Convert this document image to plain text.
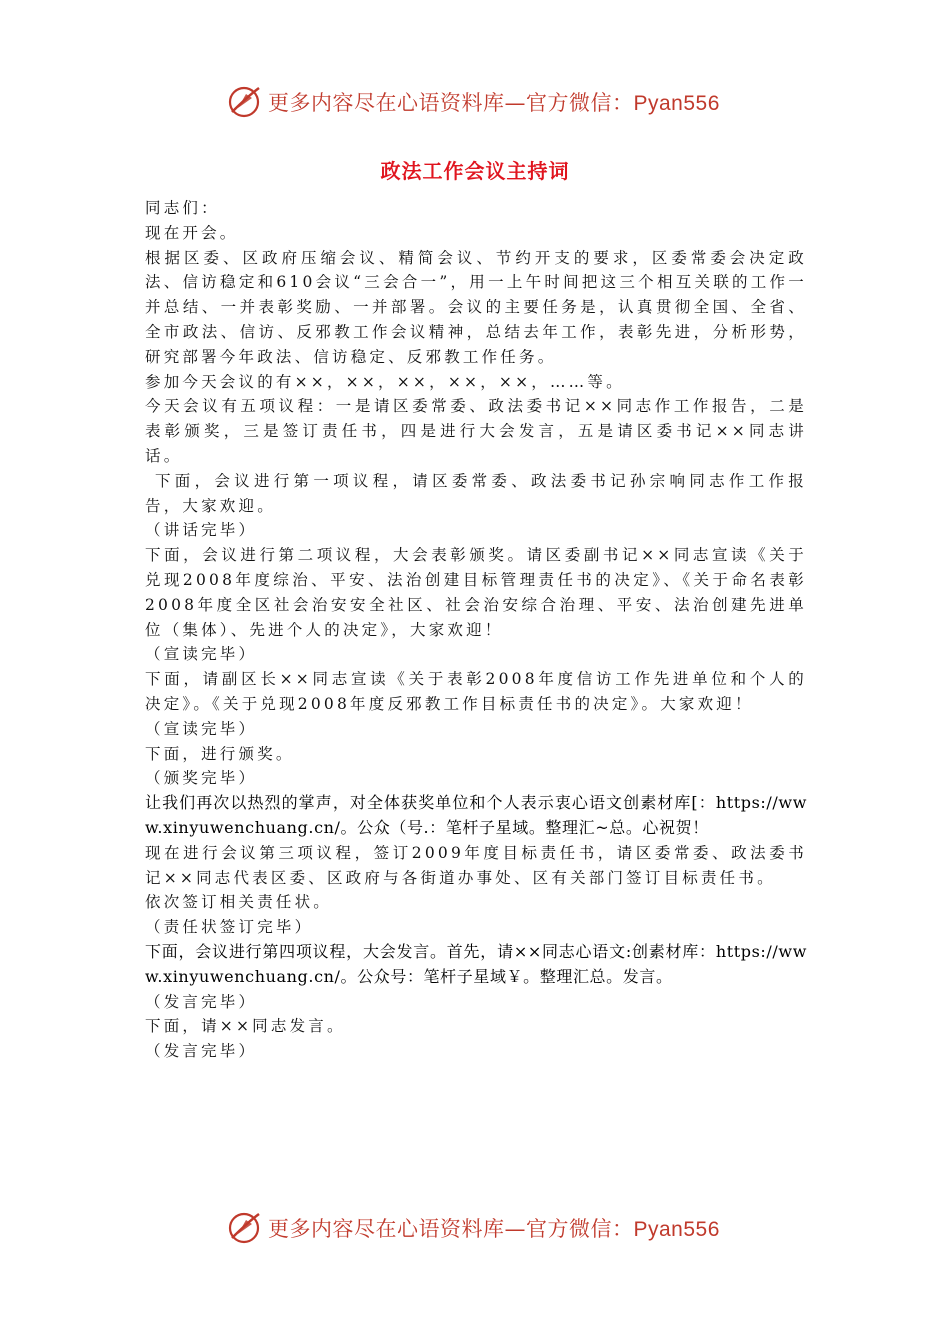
更多内容尽在心语资料库—官方微信：Pyan556
政法工作会议主持词

同志们：

现在开会。

根据区委、区政府压缩会议、精简会议、节约开支的要求，区委常委会决定政法、信访稳定和610会议“三会合一”，用一上午时间把这三个相互关联的工作一并总结、一并表彰奖励、一并部署。会议的主要任务是，认真贯彻全国、全省、全市政法、信访、反邪教工作会议精神，总结去年工作，表彰先进，分析形势，研究部署今年政法、信访稳定、反邪教工作任务。

参加今天会议的有××，××，××，××，××，……等。

今天会议有五项议程：一是请区委常委、政法委书记××同志作工作报告，二是表彰颁奖，三是签订责任书，四是进行大会发言，五是请区委书记××同志讲话。

下面，会议进行第一项议程，请区委常委、政法委书记孙宗响同志作工作报告，大家欢迎。

（讲话完毕）

下面，会议进行第二项议程，大会表彰颁奖。请区委副书记××同志宣读《关于兑现2008年度综治、平安、法治创建目标管理责任书的决定》、《关于命名表彰2008年度全区社会治安安全社区、社会治安综合治理、平安、法治创建先进单位（集体）、先进个人的决定》，大家欢迎！

（宣读完毕）

下面，请副区长××同志宣读《关于表彰2008年度信访工作先进单位和个人的决定》。《关于兑现2008年度反邪教工作目标责任书的决定》。大家欢迎！

（宣读完毕）

下面，进行颁奖。

（颁奖完毕）

让我们再次以热烈的掌声，对全体获奖单位和个人表示衷心语文创素材库[：https://www.xinyuwenchuang.cn/。公众（号.：笔杆子星域。整理汇~总。心祝贺！

现在进行会议第三项议程，签订2009年度目标责任书，请区委常委、政法委书记××同志代表区委、区政府与各街道办事处、区有关部门签订目标责任书。

依次签订相关责任状。

（责任状签订完毕）

下面，会议进行第四项议程，大会发言。首先，请××同志心语文:创素材库：https://www.xinyuwenchuang.cn/。公众号：笔杆子星域￥。整理汇总。发言。

（发言完毕）

下面，请××同志发言。

（发言完毕）

更多内容尽在心语资料库—官方微信：Pyan556
